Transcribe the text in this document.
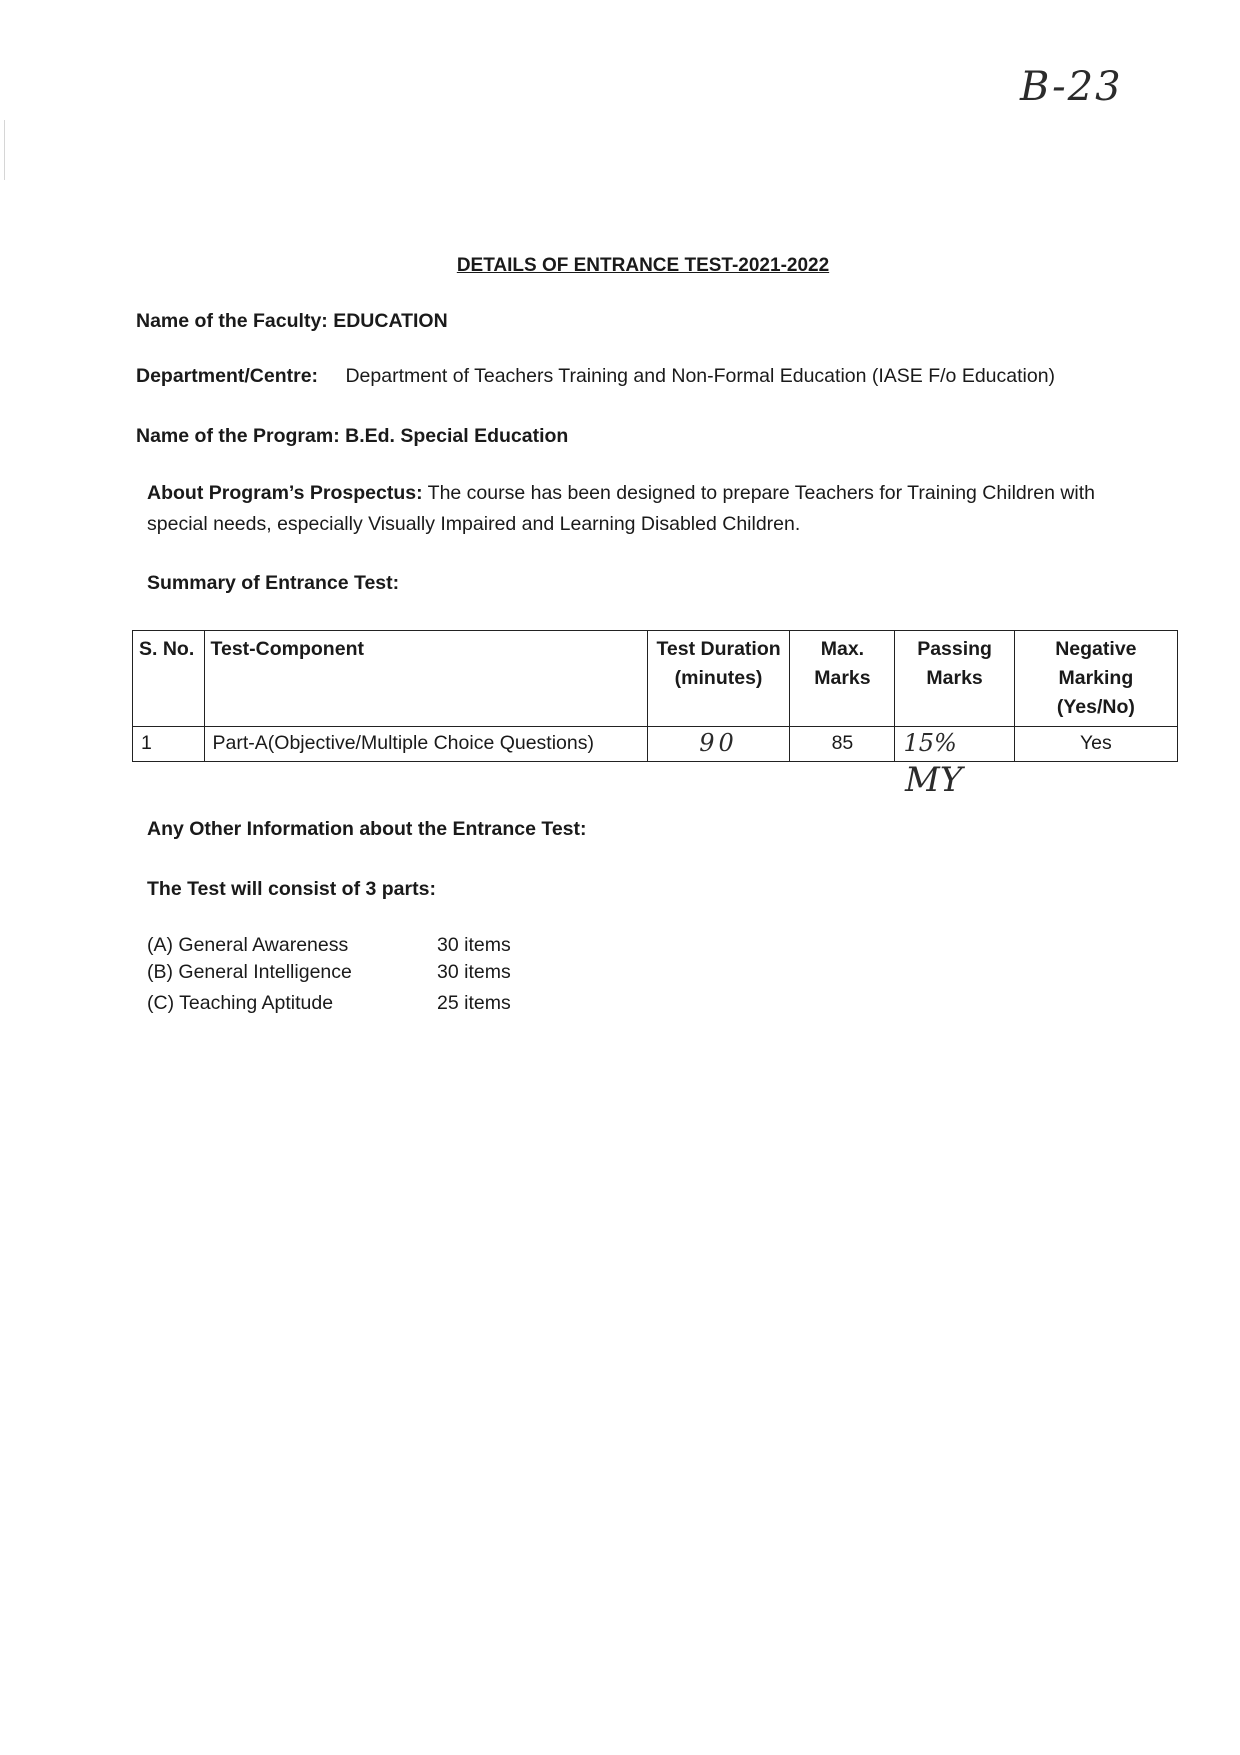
B-23
DETAILS OF ENTRANCE TEST-2021-2022
Name of the Faculty: EDUCATION
Department/Centre: Department of Teachers Training and Non-Formal Education (IASE F/o Education)
Name of the Program: B.Ed. Special Education
About Program’s Prospectus: The course has been designed to prepare Teachers for Training Children with special needs, especially Visually Impaired and Learning Disabled Children.
Summary of Entrance Test:
S. No.	Test-Component	Test Duration (minutes)	Max. Marks	Passing Marks	Negative Marking (Yes/No)
1	Part-A(Objective/Multiple Choice Questions)	90	85	15%	Yes
MY
Any Other Information about the Entrance Test:
The Test will consist of 3 parts:
(A) General Awareness	30 items
(B) General Intelligence	30 items
(C) Teaching Aptitude	25 items
